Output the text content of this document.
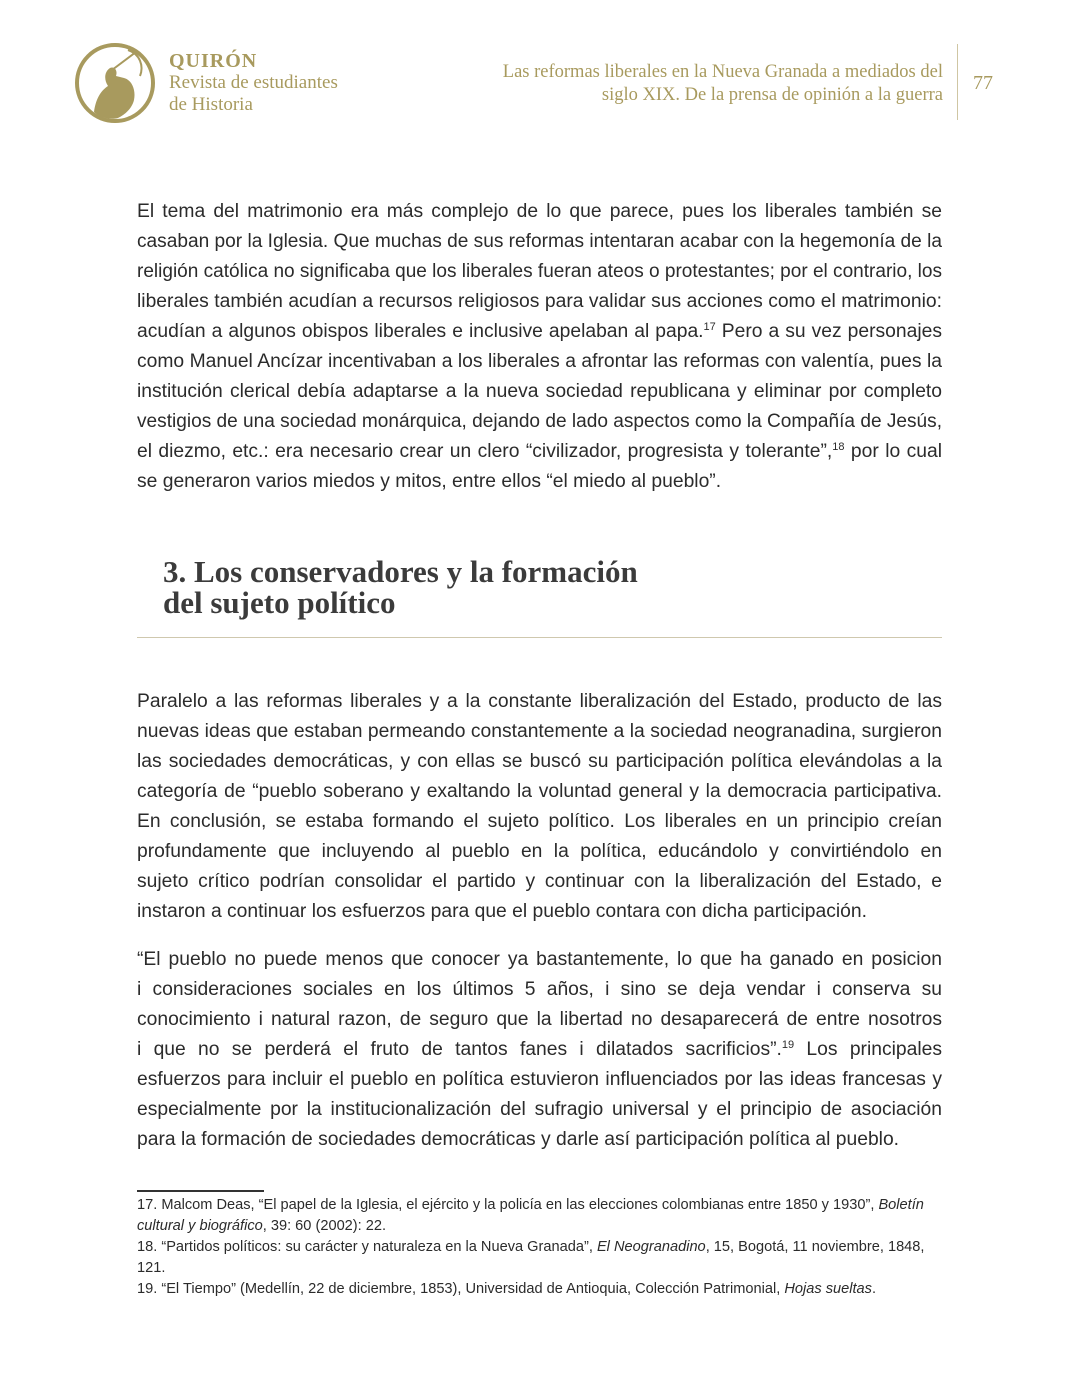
QUIRÓN
Revista de estudiantes
de Historia
Las reformas liberales en la Nueva Granada a mediados del
siglo XIX. De la prensa de opinión a la guerra
77
El tema del matrimonio era más complejo de lo que parece, pues los liberales también se
casaban por la Iglesia. Que muchas de sus reformas intentaran acabar con la hegemonía de la
religión católica no significaba que los liberales fueran ateos o protestantes; por el contrario, los
liberales también acudían a recursos religiosos para validar sus acciones como el matrimonio:
acudían a algunos obispos liberales e inclusive apelaban al papa.$^{17}$ Pero a su vez personajes
como Manuel Ancízar incentivaban a los liberales a afrontar las reformas con valentía, pues la
institución clerical debía adaptarse a la nueva sociedad republicana y eliminar por completo
vestigios de una sociedad monárquica, dejando de lado aspectos como la Compañía de Jesús,
el diezmo, etc.: era necesario crear un clero “civilizador, progresista y tolerante”,$^{18}$ por lo cual
se generaron varios miedos y mitos, entre ellos “el miedo al pueblo”.
3. Los conservadores y la formación
del sujeto político
Paralelo a las reformas liberales y a la constante liberalización del Estado, producto de las
nuevas ideas que estaban permeando constantemente a la sociedad neogranadina, surgieron
las sociedades democráticas, y con ellas se buscó su participación política elevándolas a la
categoría de “pueblo soberano y exaltando la voluntad general y la democracia participativa.
En conclusión, se estaba formando el sujeto político. Los liberales en un principio creían
profundamente que incluyendo al pueblo en la política, educándolo y convirtiéndolo en
sujeto crítico podrían consolidar el partido y continuar con la liberalización del Estado, e
instaron a continuar los esfuerzos para que el pueblo contara con dicha participación.
“El pueblo no puede menos que conocer ya bastantemente, lo que ha ganado en posicion
i consideraciones sociales en los últimos 5 años, i sino se deja vendar i conserva su
conocimiento i natural razon, de seguro que la libertad no desaparecerá de entre nosotros
i que no se perderá el fruto de tantos fanes i dilatados sacrificios”.$^{19}$ Los principales
esfuerzos para incluir el pueblo en política estuvieron influenciados por las ideas francesas y
especialmente por la institucionalización del sufragio universal y el principio de asociación
para la formación de sociedades democráticas y darle así participación política al pueblo.
17. Malcom Deas, “El papel de la Iglesia, el ejército y la policía en las elecciones colombianas entre 1850 y 1930”, Boletín cultural y biográfico, 39: 60 (2002): 22.
18. “Partidos políticos: su carácter y naturaleza en la Nueva Granada”, El Neogranadino, 15, Bogotá, 11 noviembre, 1848, 121.
19. “El Tiempo” (Medellín, 22 de diciembre, 1853), Universidad de Antioquia, Colección Patrimonial, Hojas sueltas.
